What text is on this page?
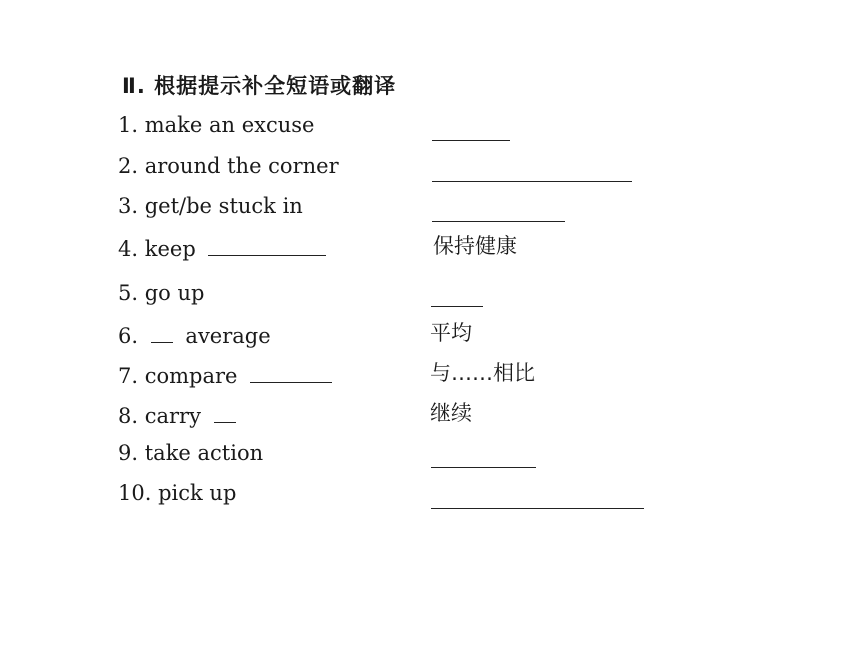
Ⅱ. 根据提示补全短语或翻译
1. make an excuse
2. around the corner
3. get/be stuck in
4. keep	保持健康
5. go up
6. average	平均
7. compare	与……相比
8. carry	继续
9. take action
10. pick up
